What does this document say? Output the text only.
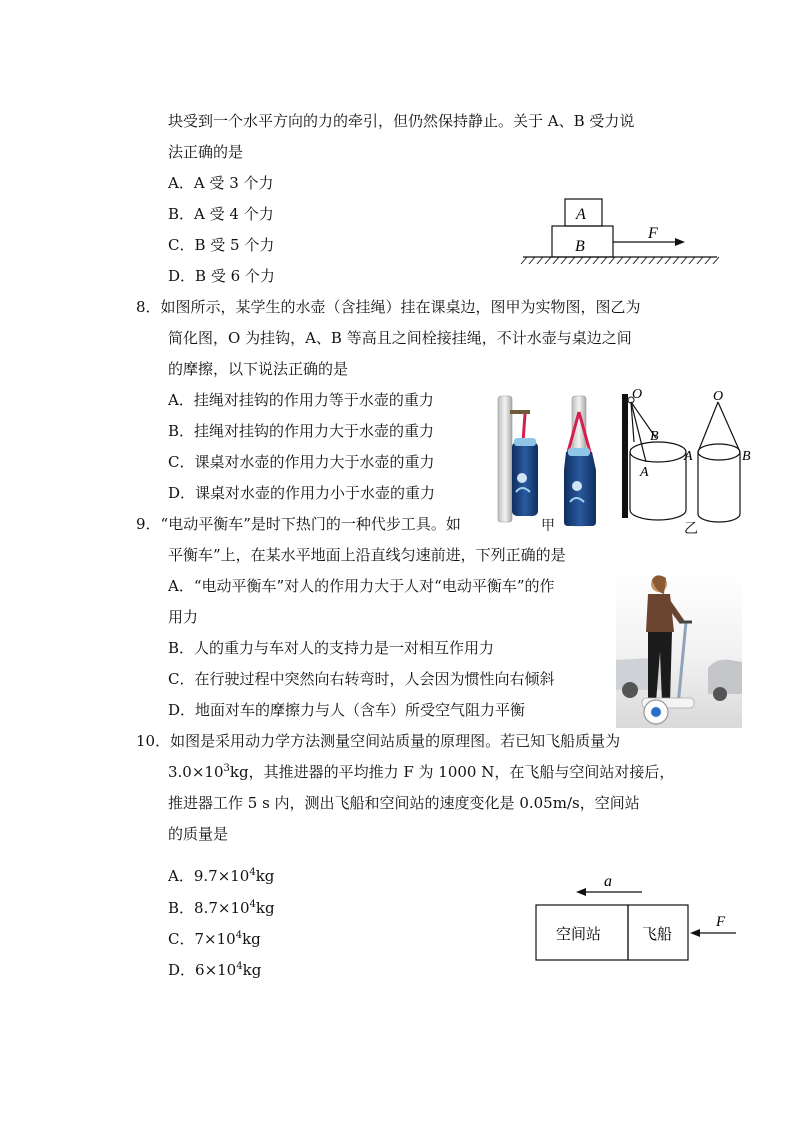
块受到一个水平方向的力的牵引，但仍然保持静止。关于 A、B 受力说
法正确的是
A．A 受 3 个力
B．A 受 4 个力
C．B 受 5 个力
D．B 受 6 个力
A
B
F
8．如图所示，某学生的水壶（含挂绳）挂在课桌边，图甲为实物图，图乙为
简化图，O 为挂钩，A、B 等高且之间栓接挂绳，不计水壶与桌边之间
的摩擦，以下说法正确的是
A．挂绳对挂钩的作用力等于水壶的重力
B．挂绳对挂钩的作用力大于水壶的重力
C．课桌对水壶的作用力大于水壶的重力
D．课桌对水壶的作用力小于水壶的重力
甲
O
B
A
O
A	B
乙
9．“电动平衡车”是时下热门的一种代步工具。如
平衡车”上，在某水平地面上沿直线匀速前进，下列正确的是
A．“电动平衡车”对人的作用力大于人对“电动平衡车”的作
用力
B．人的重力与车对人的支持力是一对相互作用力
C．在行驶过程中突然向右转弯时，人会因为惯性向右倾斜
D．地面对车的摩擦力与人（含车）所受空气阻力平衡
10．如图是采用动力学方法测量空间站质量的原理图。若已知飞船质量为
$3.0\times 10^3kg$，其推进器的平均推力 F 为 1000 N，在飞船与空间站对接后，
推进器工作 5 s 内，测出飞船和空间站的速度变化是 0.05m/s，空间站
的质量是
A．$9.7\times 10^4kg$
B．$8.7\times 10^4kg$
C．$7\times 10^4kg$
D．$6\times 10^4kg$
a
空间站	飞船
F
